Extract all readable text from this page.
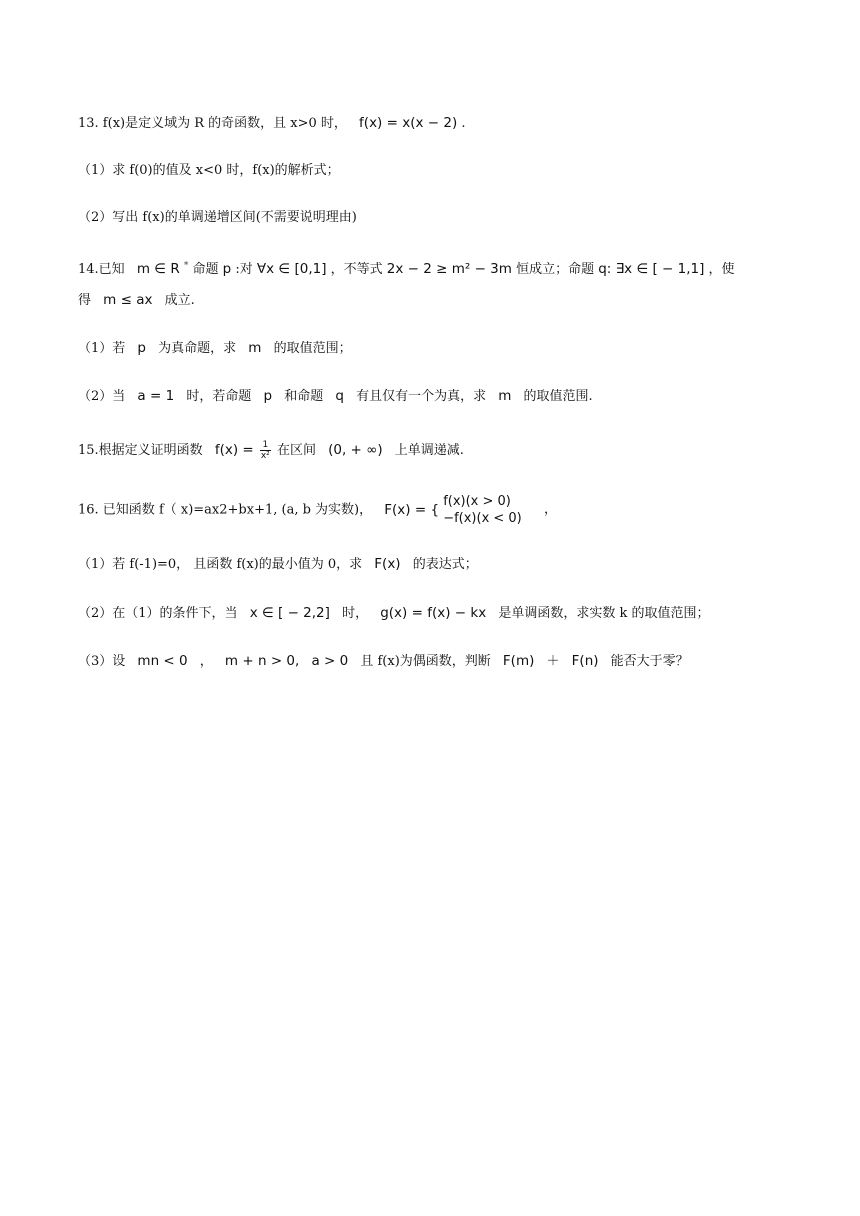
13. f(x)是定义域为 R 的奇函数，且 x>0 时， f(x) = x(x − 2) .
（1）求 f(0)的值及 x<0 时，f(x)的解析式；
（2）写出 f(x)的单调递增区间(不需要说明理由)
14.已知 m ∈ R * 命题 p :对 ∀x ∈ [0,1] ，不等式 2x − 2 ≥ m² − 3m 恒成立；命题 q: ∃x ∈ [ − 1,1] ，使
得 m ≤ ax 成立.
（1）若 p 为真命题，求 m 的取值范围；
（2）当 a = 1 时，若命题 p 和命题 q 有且仅有一个为真，求 m 的取值范围.
15.根据定义证明函数 $f(x) = \frac{1}{\text{x²}}$ 在区间 (0, + ∞) 上单调递减.
16. 已知函数 f（ x)=ax2+bx+1, (a, b 为实数)， F(x) = {
f(x)(x > 0)
−f(x)(x < 0)
，
（1）若 f(-1)=0， 且函数 f(x)的最小值为 0，求 F(x) 的表达式；
（2）在（1）的条件下，当 x ∈ [ − 2,2] 时， g(x) = f(x) − kx 是单调函数，求实数 k 的取值范围；
（3）设 mn < 0 ， m + n > 0, a > 0 且 f(x)为偶函数，判断 F(m) ＋ F(n) 能否大于零？
